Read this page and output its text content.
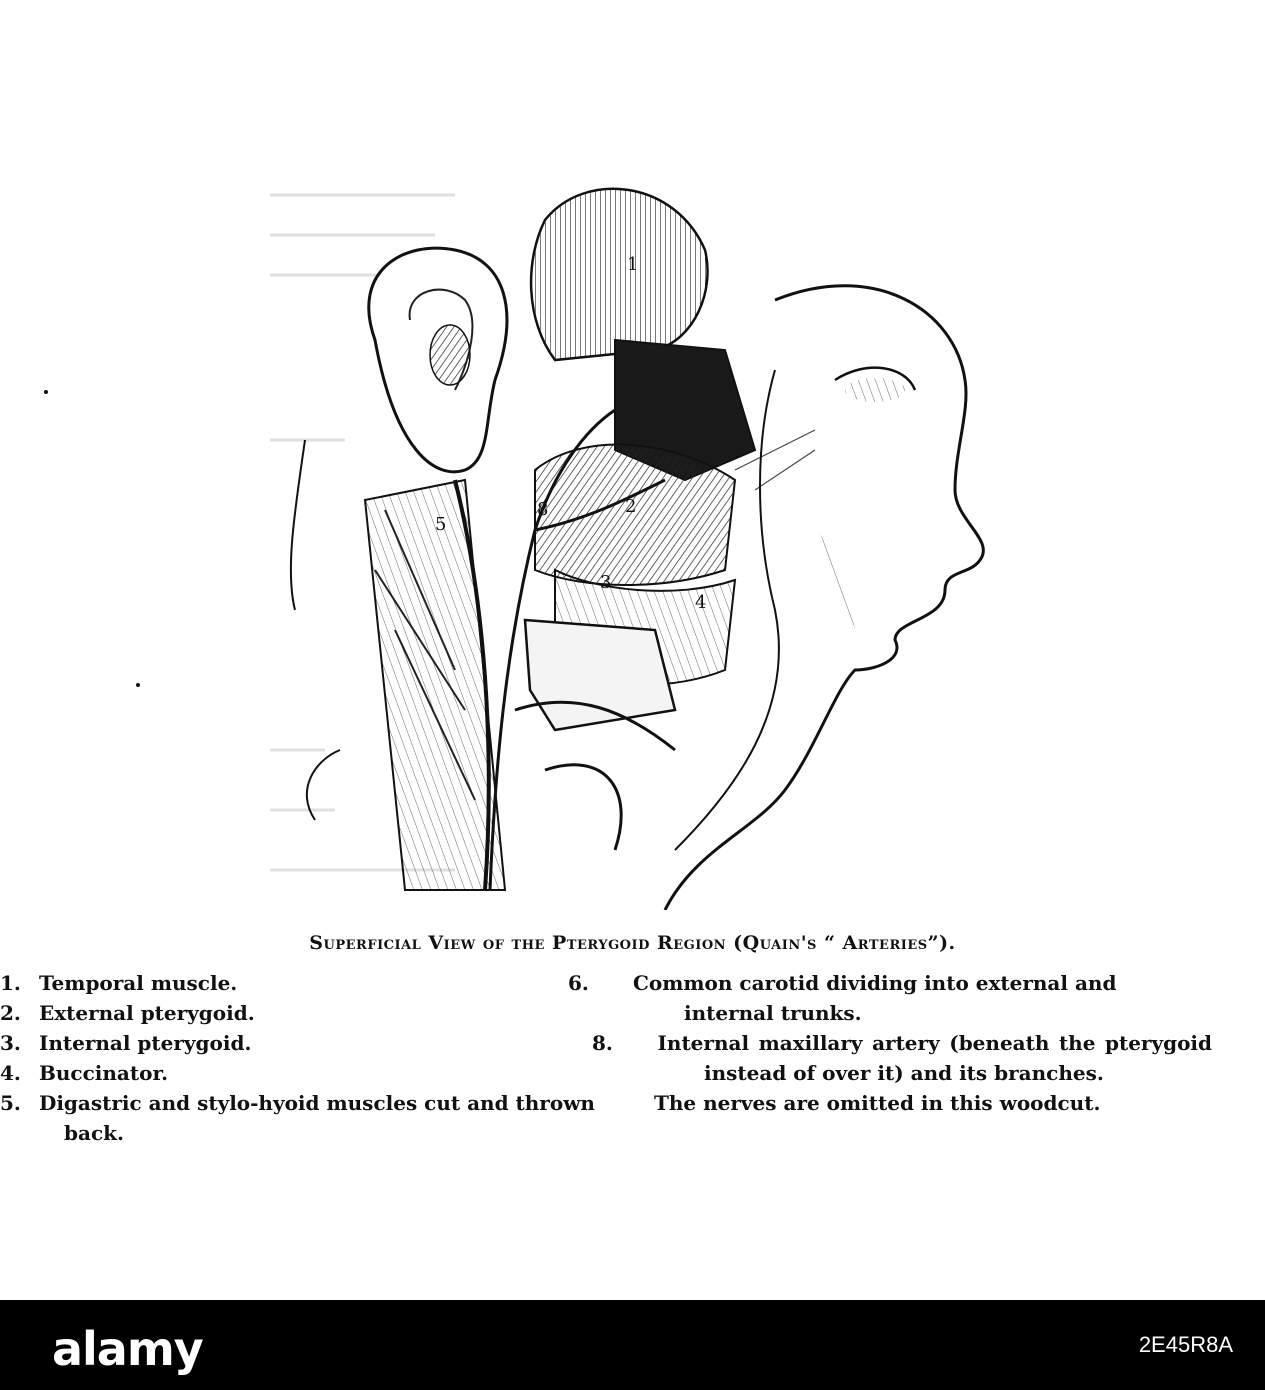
1
2
3
4
5
8
Superficial View of the Pterygoid Region (Quain's “ Arteries”).
1. Temporal muscle.
2. External pterygoid.
3. Internal pterygoid.
4. Buccinator.
5. Digastric and stylo-hyoid muscles cut and thrown back.
6. Common carotid dividing into external and internal trunks.
8. Internal maxillary artery (beneath the pterygoid instead of over it) and its branches.
The nerves are omitted in this woodcut.
alamy	2E45R8A
